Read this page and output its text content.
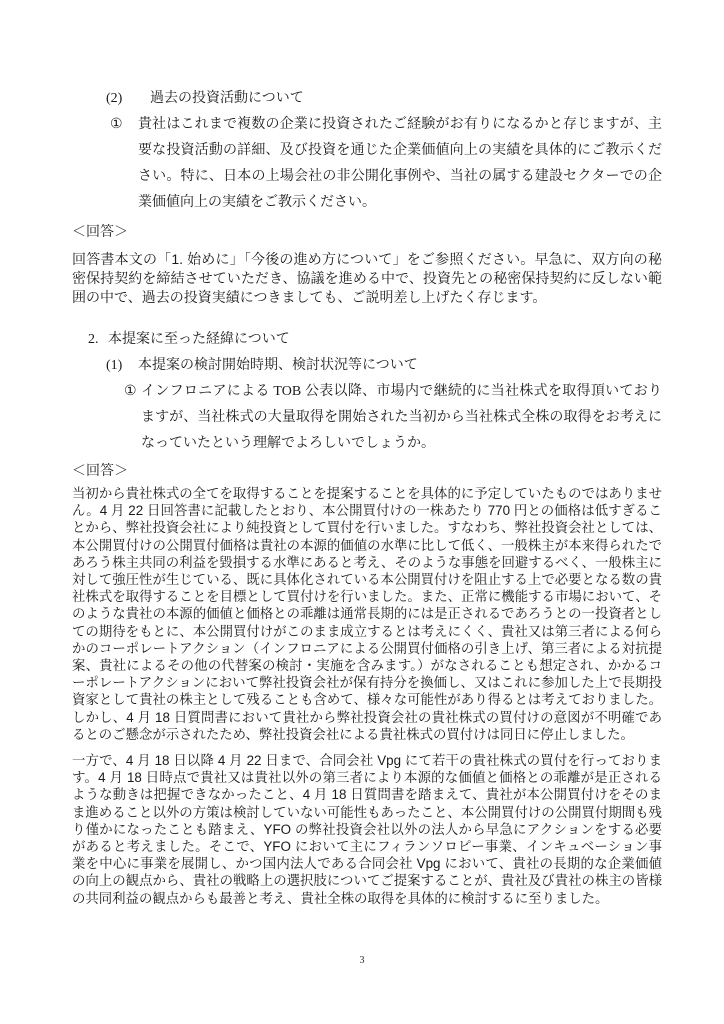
(2)	過去の投資活動について
①	貴社はこれまで複数の企業に投資されたご経験がお有りになるかと存じますが、主要な投資活動の詳細、及び投資を通じた企業価値向上の実績を具体的にご教示ください。特に、日本の上場会社の非公開化事例や、当社の属する建設セクターでの企業価値向上の実績をご教示ください。
＜回答＞
回答書本文の「1. 始めに」「今後の進め方について」をご参照ください。早急に、双方向の秘密保持契約を締結させていただき、協議を進める中で、投資先との秘密保持契約に反しない範囲の中で、過去の投資実績につきましても、ご説明差し上げたく存じます。
2. 本提案に至った経緯について
(1)	本提案の検討開始時期、検討状況等について
① インフロニアによる TOB 公表以降、市場内で継続的に当社株式を取得頂いておりますが、当社株式の大量取得を開始された当初から当社株式全株の取得をお考えになっていたという理解でよろしいでしょうか。
＜回答＞
当初から貴社株式の全てを取得することを提案することを具体的に予定していたものではありません。4 月 22 日回答書に記載したとおり、本公開買付けの一株あたり 770 円との価格は低すぎることから、弊社投資会社により純投資として買付を行いました。すなわち、弊社投資会社としては、本公開買付けの公開買付価格は貴社の本源的価値の水準に比して低く、一般株主が本来得られたであろう株主共同の利益を毀損する水準にあると考え、そのような事態を回避するべく、一般株主に対して強圧性が生じている、既に具体化されている本公開買付けを阻止する上で必要となる数の貴社株式を取得することを目標として買付けを行いました。また、正常に機能する市場において、そのような貴社の本源的価値と価格との乖離は通常長期的には是正されるであろうとの一投資者としての期待をもとに、本公開買付けがこのまま成立するとは考えにくく、貴社又は第三者による何らかのコーポレートアクション（インフロニアによる公開買付価格の引き上げ、第三者による対抗提案、貴社によるその他の代替案の検討・実施を含みます。）がなされることも想定され、かかるコーポレートアクションにおいて弊社投資会社が保有持分を換価し、又はこれに参加した上で長期投資家として貴社の株主として残ることも含めて、様々な可能性があり得るとは考えておりました。しかし、4 月 18 日質問書において貴社から弊社投資会社の貴社株式の買付けの意図が不明確であるとのご懸念が示されたため、弊社投資会社による貴社株式の買付けは同日に停止しました。
一方で、4 月 18 日以降 4 月 22 日まで、合同会社 Vpg にて若干の貴社株式の買付を行っております。4 月 18 日時点で貴社又は貴社以外の第三者により本源的な価値と価格との乖離が是正されるような動きは把握できなかったこと、4 月 18 日質問書を踏まえて、貴社が本公開買付けをそのまま進めること以外の方策は検討していない可能性もあったこと、本公開買付けの公開買付期間も残り僅かになったことも踏まえ、YFO の弊社投資会社以外の法人から早急にアクションをする必要があると考えました。そこで、YFO において主にフィランソロピー事業、インキュベーション事業を中心に事業を展開し、かつ国内法人である合同会社 Vpg において、貴社の長期的な企業価値の向上の観点から、貴社の戦略上の選択肢についてご提案することが、貴社及び貴社の株主の皆様の共同利益の観点からも最善と考え、貴社全株の取得を具体的に検討するに至りました。
3
